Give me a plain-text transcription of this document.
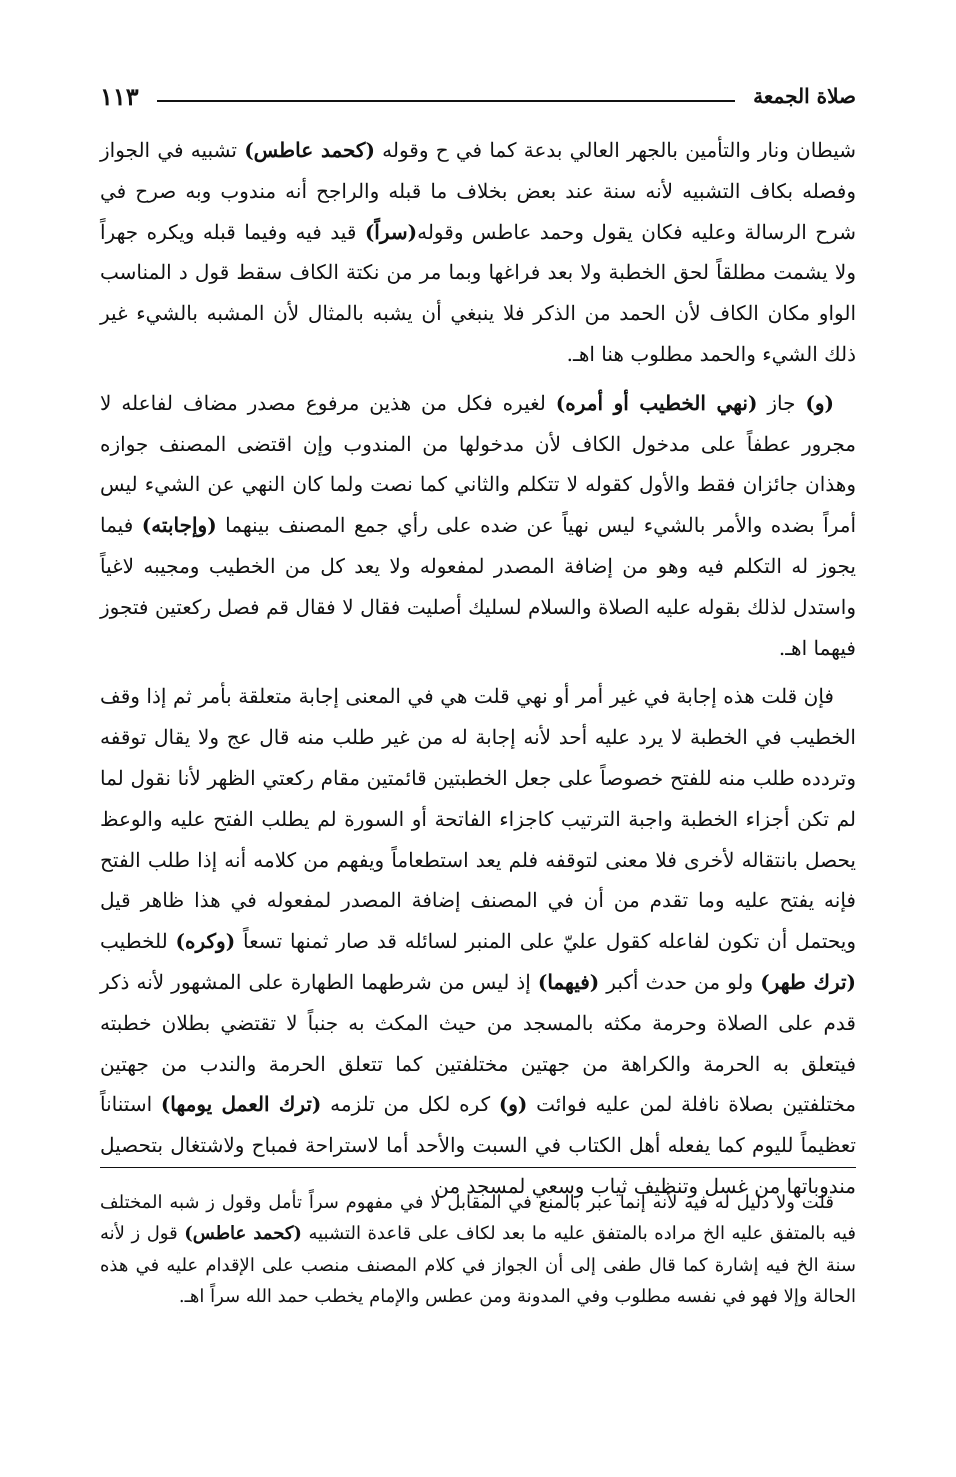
صلاة الجمعة
١١٣

شيطان ونار والتأمين بالجهر العالي بدعة كما في ح وقوله (كحمد عاطس) تشبيه في الجواز وفصله بكاف التشبيه لأنه سنة عند بعض بخلاف ما قبله والراجح أنه مندوب وبه صرح في شرح الرسالة وعليه فكان يقول وحمد عاطس وقوله(سراً) قيد فيه وفيما قبله ويكره جهراً ولا يشمت مطلقاً لحق الخطبة ولا بعد فراغها وبما مر من نكتة الكاف سقط قول د المناسب الواو مكان الكاف لأن الحمد من الذكر فلا ينبغي أن يشبه بالمثال لأن المشبه بالشيء غير ذلك الشيء والحمد مطلوب هنا اهـ.

(و) جاز (نهي الخطيب أو أمره) لغيره فكل من هذين مرفوع مصدر مضاف لفاعله لا مجرور عطفاً على مدخول الكاف لأن مدخولها من المندوب وإن اقتضى المصنف جوازه وهذان جائزان فقط والأول كقوله لا تتكلم والثاني كما نصت ولما كان النهي عن الشيء ليس أمراً بضده والأمر بالشيء ليس نهياً عن ضده على رأي جمع المصنف بينهما (وإجابته) فيما يجوز له التكلم فيه وهو من إضافة المصدر لمفعوله ولا يعد كل من الخطيب ومجيبه لاغياً واستدل لذلك بقوله عليه الصلاة والسلام لسليك أصليت فقال لا فقال قم فصل ركعتين فتجوز فيهما اهـ.

فإن قلت هذه إجابة في غير أمر أو نهي قلت هي في المعنى إجابة متعلقة بأمر ثم إذا وقف الخطيب في الخطبة لا يرد عليه أحد لأنه إجابة له من غير طلب منه قال عج ولا يقال توقفه وتردده طلب منه للفتح خصوصاً على جعل الخطبتين قائمتين مقام ركعتي الظهر لأنا نقول لما لم تكن أجزاء الخطبة واجبة الترتيب كاجزاء الفاتحة أو السورة لم يطلب الفتح عليه والوعظ يحصل بانتقاله لأخرى فلا معنى لتوقفه فلم يعد استطعاماً ويفهم من كلامه أنه إذا طلب الفتح فإنه يفتح عليه وما تقدم من أن في المصنف إضافة المصدر لمفعوله في هذا ظاهر قيل ويحتمل أن تكون لفاعله كقول عليّ على المنبر لسائله قد صار ثمنها تسعاً (وكره) للخطيب (ترك طهر) ولو من حدث أكبر (فيهما) إذ ليس من شرطهما الطهارة على المشهور لأنه ذكر قدم على الصلاة وحرمة مكثه بالمسجد من حيث المكث به جنباً لا تقتضي بطلان خطبته فيتعلق به الحرمة والكراهة من جهتين مختلفتين كما تتعلق الحرمة والندب من جهتين مختلفتين بصلاة نافلة لمن عليه فوائت (و) كره لكل من تلزمه (ترك العمل يومها) استناناً تعظيماً لليوم كما يفعله أهل الكتاب في السبت والأحد أما لاستراحة فمباح ولاشتغال بتحصيل مندوباتها من غسل وتنظيف ثياب وسعي لمسجد من

قلت ولا دليل له فيه لأنه إنما عبر بالمنع في المقابل لا في مفهوم سراً تأمل وقول ز شبه المختلف فيه بالمتفق عليه الخ مراده بالمتفق عليه ما بعد لكاف على قاعدة التشبيه (كحمد عاطس) قول ز لأنه سنة الخ فيه إشارة كما قال طفى إلى أن الجواز في كلام المصنف منصب على الإقدام عليه في هذه الحالة وإلا فهو في نفسه مطلوب وفي المدونة ومن عطس والإمام يخطب حمد الله سراً اهـ.
